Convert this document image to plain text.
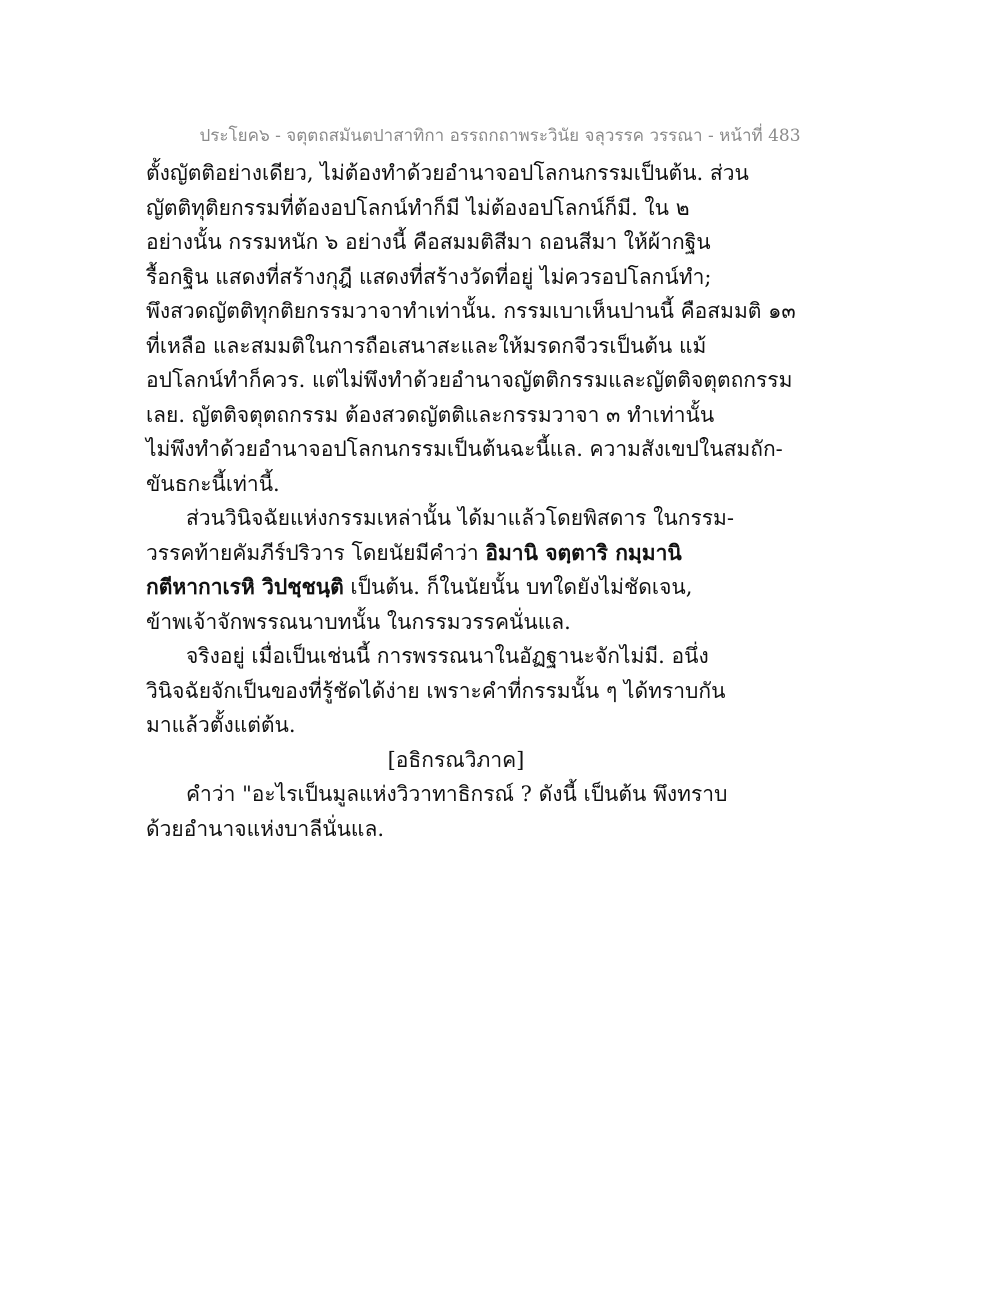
ประโยค๖ - จตุตถสมันตปาสาทิกา อรรถกถาพระวินัย จลุวรรค วรรณา - หน้าที่ 483
ตั้งญัตติอย่างเดียว, ไม่ต้องทำด้วยอำนาจอปโลกนกรรมเป็นต้น. ส่วน
ญัตติทุติยกรรมที่ต้องอปโลกน์ทำก็มี ไม่ต้องอปโลกน์ก็มี. ใน ๒
อย่างนั้น กรรมหนัก ๖ อย่างนี้ คือสมมติสีมา ถอนสีมา ให้ผ้ากฐิน
รื้อกฐิน แสดงที่สร้างกุฎี แสดงที่สร้างวัดที่อยู่ ไม่ควรอปโลกน์ทำ;
พึงสวดญัตติทุกติยกรรมวาจาทำเท่านั้น. กรรมเบาเห็นปานนี้ คือสมมติ ๑๓
ที่เหลือ และสมมติในการถือเสนาสะและให้มรดกจีวรเป็นต้น แม้
อปโลกน์ทำก็ควร. แต่ไม่พึงทำด้วยอำนาจญัตติกรรมและญัตติจตุตถกรรม
เลย. ญัตติจตุตถกรรม ต้องสวดญัตติและกรรมวาจา ๓ ทำเท่านั้น
ไม่พึงทำด้วยอำนาจอปโลกนกรรมเป็นต้นฉะนี้แล. ความสังเขปในสมถัก-
ขันธกะนี้เท่านี้.
ส่วนวินิจฉัยแห่งกรรมเหล่านั้น ได้มาแล้วโดยพิสดาร ในกรรม-
วรรคท้ายคัมภีร์ปริวาร โดยนัยมีคำว่า อิมานิ จตฺตาริ กมฺมานิ
กตีหากาเรหิ วิปชฺชนฺติ เป็นต้น. ก็ในนัยนั้น บทใดยังไม่ชัดเจน,
ข้าพเจ้าจักพรรณนาบทนั้น ในกรรมวรรคนั่นแล.
จริงอยู่ เมื่อเป็นเช่นนี้ การพรรณนาในอัฏฐานะจักไม่มี. อนึ่ง
วินิจฉัยจักเป็นของที่รู้ชัดได้ง่าย เพราะคำที่กรรมนั้น ๆ ได้ทราบกัน
มาแล้วตั้งแต่ต้น.
[อธิกรณวิภาค]
คำว่า "อะไรเป็นมูลแห่งวิวาทาธิกรณ์ ? ดังนี้ เป็นต้น พึงทราบ
ด้วยอำนาจแห่งบาลีนั่นแล.
